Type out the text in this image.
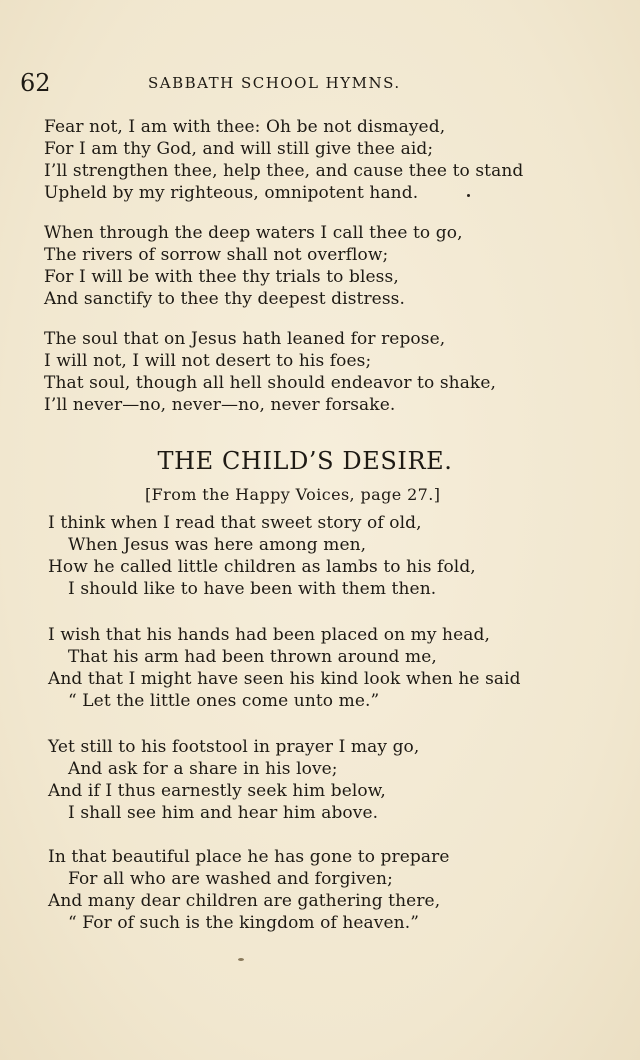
62	SABBATH SCHOOL HYMNS.
Fear not, I am with thee: Oh be not dismayed,
For I am thy God, and will still give thee aid;
I’ll strengthen thee, help thee, and cause thee to stand
Upheld by my righteous, omnipotent hand.
When through the deep waters I call thee to go,
The rivers of sorrow shall not overflow;
For I will be with thee thy trials to bless,
And sanctify to thee thy deepest distress.
The soul that on Jesus hath leaned for repose,
I will not, I will not desert to his foes;
That soul, though all hell should endeavor to shake,
I’ll never—no, never—no, never forsake.
THE CHILD’S DESIRE.
[From the Happy Voices, page 27.]
I think when I read that sweet story of old,
When Jesus was here among men,
How he called little children as lambs to his fold,
I should like to have been with them then.
I wish that his hands had been placed on my head,
That his arm had been thrown around me,
And that I might have seen his kind look when he said
“ Let the little ones come unto me.”
Yet still to his footstool in prayer I may go,
And ask for a share in his love;
And if I thus earnestly seek him below,
I shall see him and hear him above.
In that beautiful place he has gone to prepare
For all who are washed and forgiven;
And many dear children are gathering there,
“ For of such is the kingdom of heaven.”
